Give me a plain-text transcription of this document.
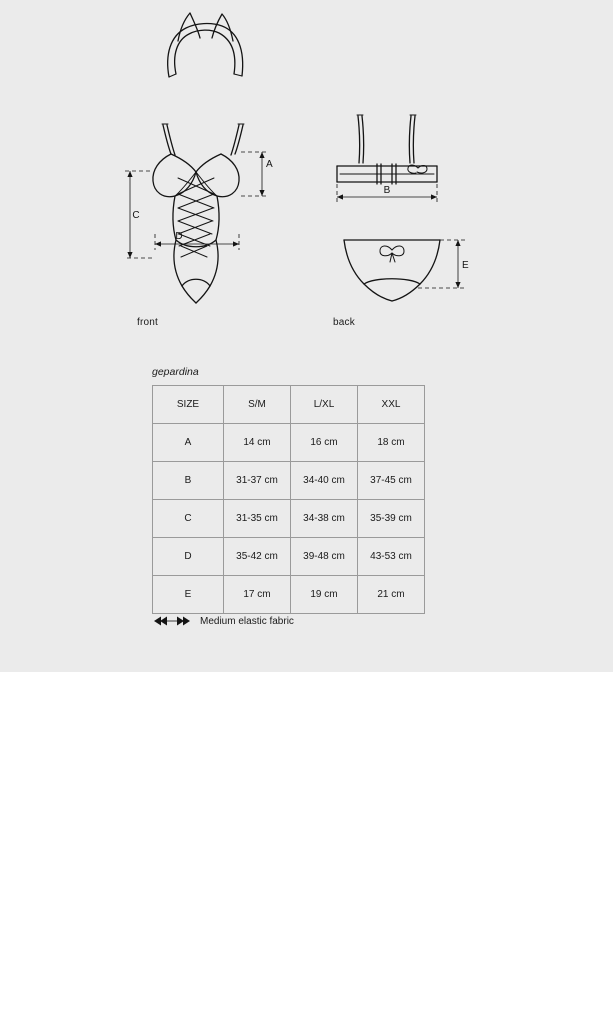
A
C
D
B
E
front	back
gepardina
SIZE	S/M	L/XL	XXL
A	14 cm	16 cm	18 cm
B	31-37 cm	34-40 cm	37-45 cm
C	31-35 cm	34-38 cm	35-39 cm
D	35-42 cm	39-48 cm	43-53 cm
E	17 cm	19 cm	21 cm
Medium elastic fabric
